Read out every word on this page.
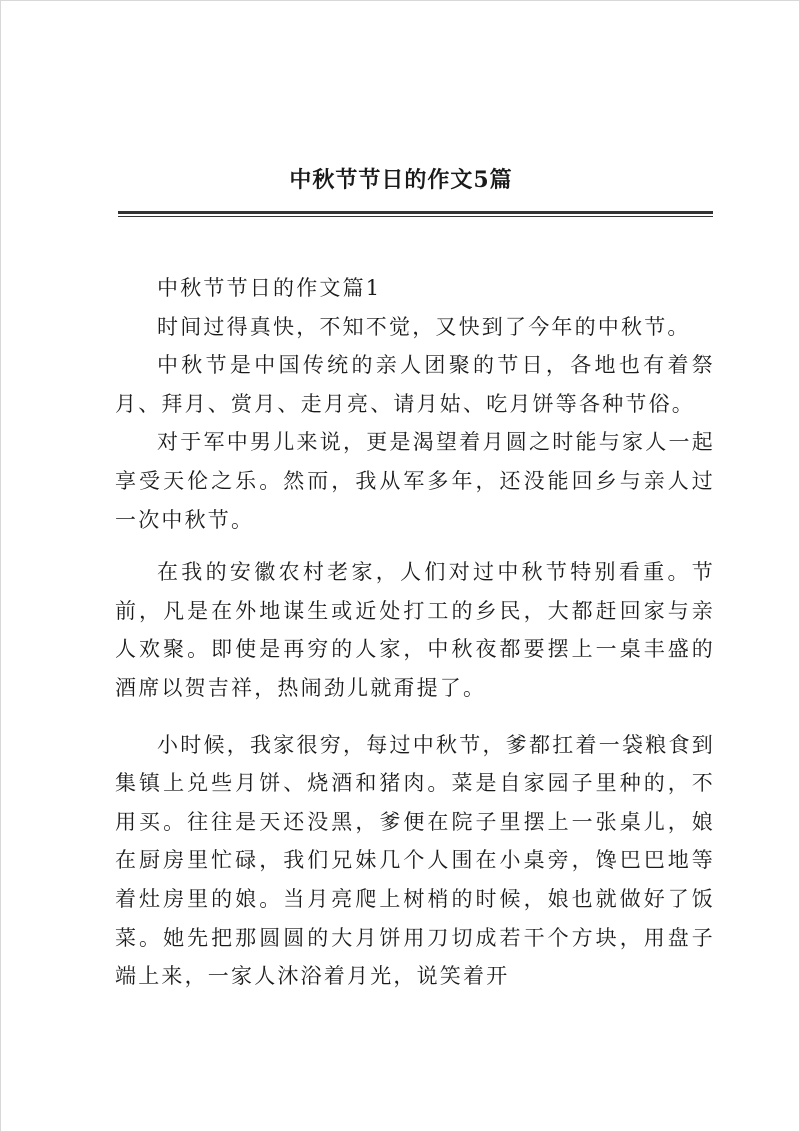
中秋节节日的作文5篇

中秋节节日的作文篇1

时间过得真快，不知不觉，又快到了今年的中秋节。

中秋节是中国传统的亲人团聚的节日，各地也有着祭月、拜月、赏月、走月亮、请月姑、吃月饼等各种节俗。

对于军中男儿来说，更是渴望着月圆之时能与家人一起享受天伦之乐。然而，我从军多年，还没能回乡与亲人过一次中秋节。

在我的安徽农村老家，人们对过中秋节特别看重。节前，凡是在外地谋生或近处打工的乡民，大都赶回家与亲人欢聚。即使是再穷的人家，中秋夜都要摆上一桌丰盛的酒席以贺吉祥，热闹劲儿就甭提了。

小时候，我家很穷，每过中秋节，爹都扛着一袋粮食到集镇上兑些月饼、烧酒和猪肉。菜是自家园子里种的，不用买。往往是天还没黑，爹便在院子里摆上一张桌儿，娘在厨房里忙碌，我们兄妹几个人围在小桌旁，馋巴巴地等着灶房里的娘。当月亮爬上树梢的时候，娘也就做好了饭菜。她先把那圆圆的大月饼用刀切成若干个方块，用盘子端上来，一家人沐浴着月光，说笑着开
